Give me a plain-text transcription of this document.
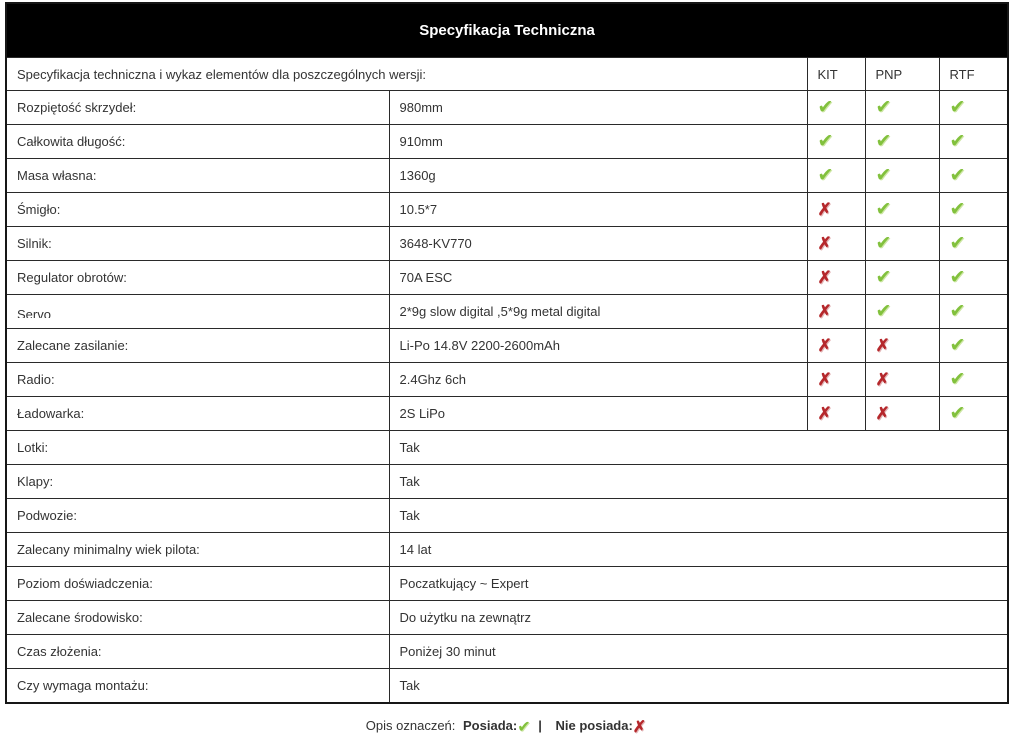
Specyfikacja Techniczna				
Specyfikacja techniczna i wykaz elementów dla poszczególnych wersji:		KIT	PNP	RTF
Rozpiętość skrzydeł:	980mm	✔	✔	✔
Całkowita długość:	910mm	✔	✔	✔
Masa własna:	1360g	✔	✔	✔
Śmigło:	10.5*7	✗	✔	✔
Silnik:	3648-KV770	✗	✔	✔
Regulator obrotów:	70A ESC	✗	✔	✔
Servo	2*9g slow digital ,5*9g metal digital	✗	✔	✔
Zalecane zasilanie:	Li-Po 14.8V 2200-2600mAh	✗	✗	✔
Radio:	2.4Ghz 6ch	✗	✗	✔
Ładowarka:	2S LiPo	✗	✗	✔
Lotki:	Tak			
Klapy:	Tak			
Podwozie:	Tak			
Zalecany minimalny wiek pilota:	14 lat			
Poziom doświadczenia:	Poczatkujący ~ Expert			
Zalecane środowisko:	Do użytku na zewnątrz			
Czas złożenia:	Poniżej 30 minut			
Czy wymaga montażu:	Tak			
Opis oznaczeń: Posiada:✔ | Nie posiada:✗
